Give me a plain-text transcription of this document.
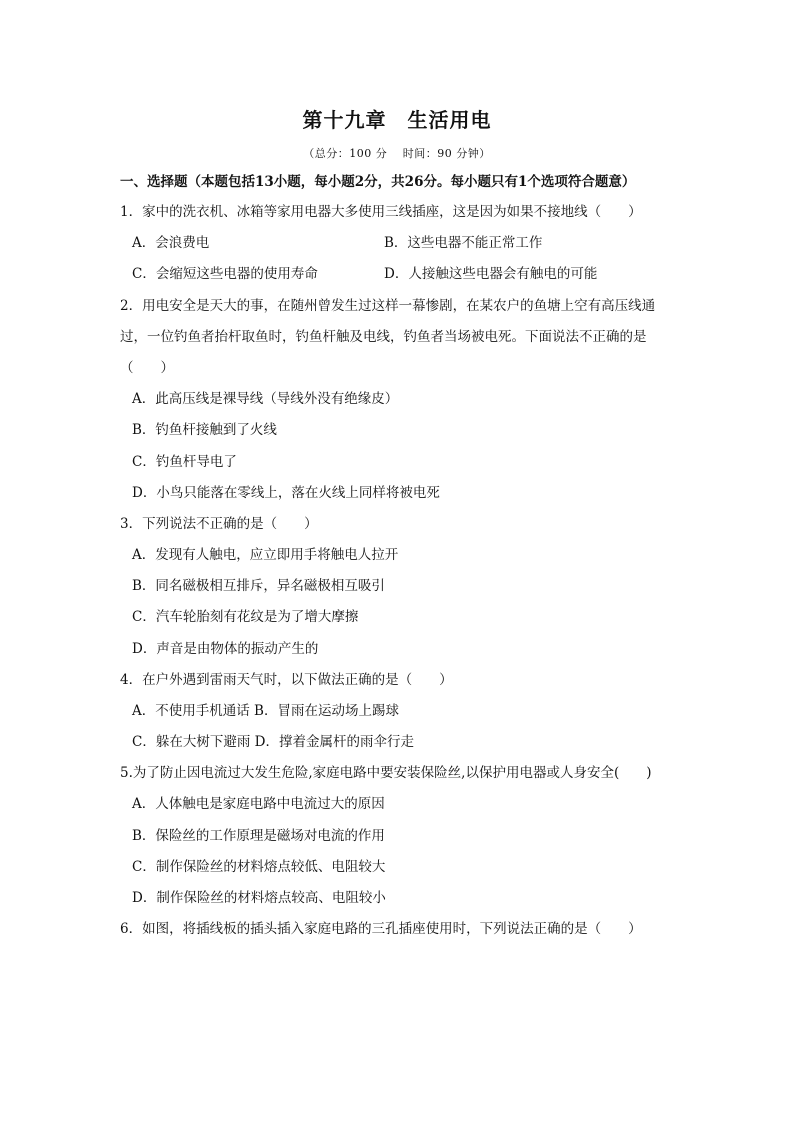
第十九章　生活用电
（总分：100 分　 时间：90 分钟）
一、选择题（本题包括13小题，每小题2分，共26分。每小题只有1个选项符合题意）
1．家中的洗衣机、冰箱等家用电器大多使用三线插座，这是因为如果不接地线（　　）
A．会浪费电	B．这些电器不能正常工作
C．会缩短这些电器的使用寿命	D．人接触这些电器会有触电的可能
2．用电安全是天大的事，在随州曾发生过这样一幕惨剧，在某农户的鱼塘上空有高压线通
过，一位钓鱼者抬杆取鱼时，钓鱼杆触及电线，钓鱼者当场被电死。下面说法不正确的是
（　　）
A．此高压线是裸导线（导线外没有绝缘皮）
B．钓鱼杆接触到了火线
C．钓鱼杆导电了
D．小鸟只能落在零线上，落在火线上同样将被电死
3．下列说法不正确的是（　　）
A．发现有人触电，应立即用手将触电人拉开
B．同名磁极相互排斥，异名磁极相互吸引
C．汽车轮胎刻有花纹是为了增大摩擦
D．声音是由物体的振动产生的
4．在户外遇到雷雨天气时，以下做法正确的是（　　）
A．不使用手机通话 B．冒雨在运动场上踢球
C．躲在大树下避雨 D．撑着金属杆的雨伞行走
5.为了防止因电流过大发生危险,家庭电路中要安装保险丝,以保护用电器或人身安全(　　)
A．人体触电是家庭电路中电流过大的原因
B．保险丝的工作原理是磁场对电流的作用
C．制作保险丝的材料熔点较低、电阻较大
D．制作保险丝的材料熔点较高、电阻较小
6．如图，将插线板的插头插入家庭电路的三孔插座使用时，下列说法正确的是（　　）
